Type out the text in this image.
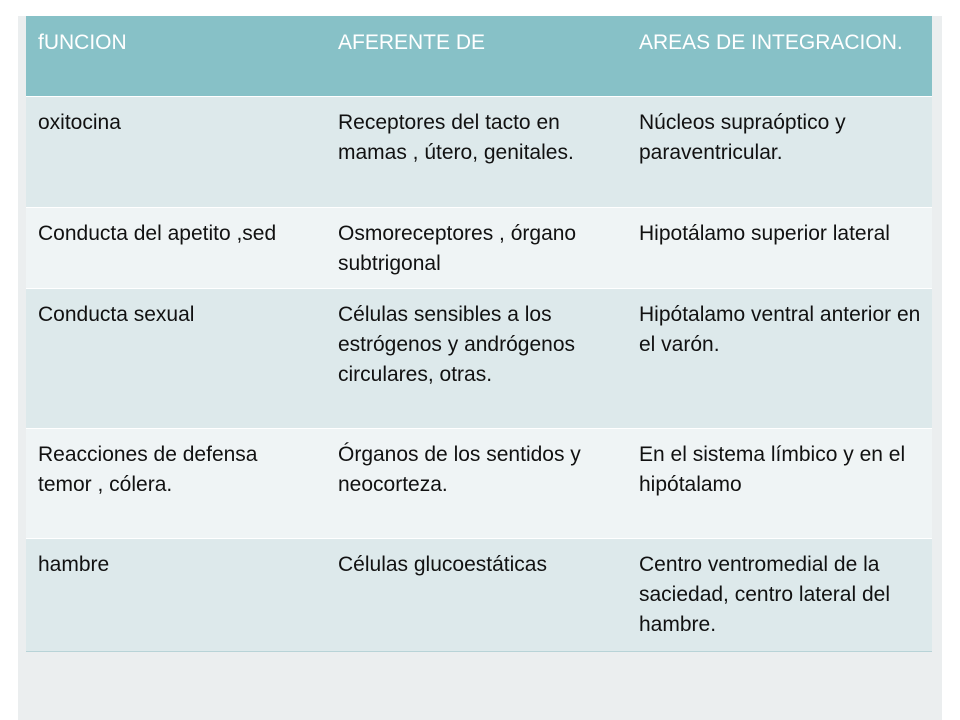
fUNCION	AFERENTE DE	AREAS DE INTEGRACION.
oxitocina	Receptores del tacto en mamas , útero, genitales.	Núcleos supraóptico y paraventricular.
Conducta del apetito ,sed	Osmoreceptores , órgano subtrigonal	Hipotálamo superior lateral
Conducta sexual	Células sensibles a los estrógenos y andrógenos circulares, otras.	Hipótalamo ventral anterior en el varón.
Reacciones de defensa temor , cólera.	Órganos de los sentidos y neocorteza.	En el sistema límbico y en el hipótalamo
hambre	Células glucoestáticas	Centro ventromedial de la saciedad, centro lateral del hambre.
